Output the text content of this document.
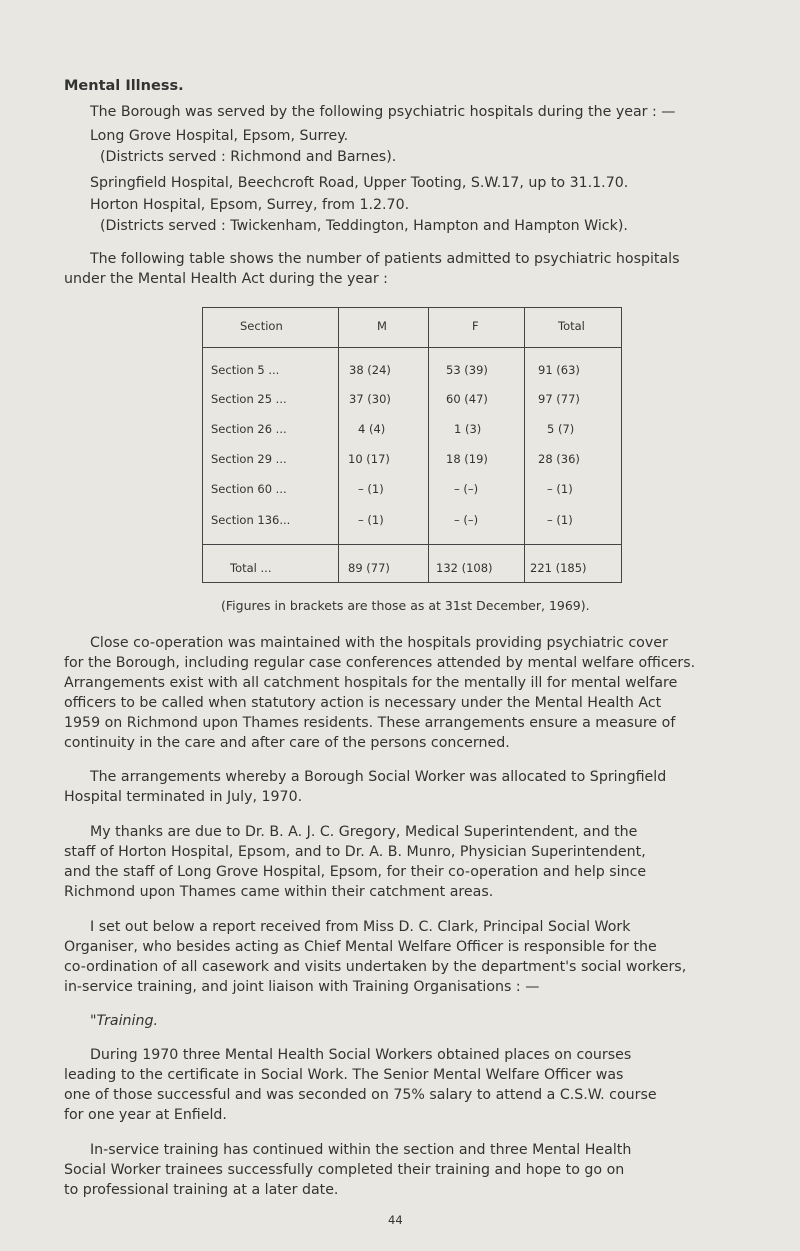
Mental Illness.
The Borough was served by the following psychiatric hospitals during the year : —
Long Grove Hospital, Epsom, Surrey.
(Districts served : Richmond and Barnes).
Springfield Hospital, Beechcroft Road, Upper Tooting, S.W.17, up to 31.1.70.
Horton Hospital, Epsom, Surrey, from 1.2.70.
(Districts served : Twickenham, Teddington, Hampton and Hampton Wick).
The following table shows the number of patients admitted to psychiatric hospitals
under the Mental Health Act during the year :
Section	M	F	Total
Section 5 ...	38 (24)	53 (39)	91 (63)
Section 25 ...	37 (30)	60 (47)	97 (77)
Section 26 ...	4 (4)	1 (3)	5 (7)
Section 29 ...	10 (17)	18 (19)	28 (36)
Section 60 ...	– (1)	– (–)	– (1)
Section 136...	– (1)	– (–)	– (1)
Total ...	89 (77)	132 (108)	221 (185)
(Figures in brackets are those as at 31st December, 1969).
Close co-operation was maintained with the hospitals providing psychiatric cover
for the Borough, including regular case conferences attended by mental welfare officers.
Arrangements exist with all catchment hospitals for the mentally ill for mental welfare
officers to be called when statutory action is necessary under the Mental Health Act
1959 on Richmond upon Thames residents. These arrangements ensure a measure of
continuity in the care and after care of the persons concerned.
The arrangements whereby a Borough Social Worker was allocated to Springfield
Hospital terminated in July, 1970.
My thanks are due to Dr. B. A. J. C. Gregory, Medical Superintendent, and the
staff of Horton Hospital, Epsom, and to Dr. A. B. Munro, Physician Superintendent,
and the staff of Long Grove Hospital, Epsom, for their co-operation and help since
Richmond upon Thames came within their catchment areas.
I set out below a report received from Miss D. C. Clark, Principal Social Work
Organiser, who besides acting as Chief Mental Welfare Officer is responsible for the
co-ordination of all casework and visits undertaken by the department's social workers,
in-service training, and joint liaison with Training Organisations : —
"Training.
During 1970 three Mental Health Social Workers obtained places on courses
leading to the certificate in Social Work. The Senior Mental Welfare Officer was
one of those successful and was seconded on 75% salary to attend a C.S.W. course
for one year at Enfield.
In-service training has continued within the section and three Mental Health
Social Worker trainees successfully completed their training and hope to go on
to professional training at a later date.
44
